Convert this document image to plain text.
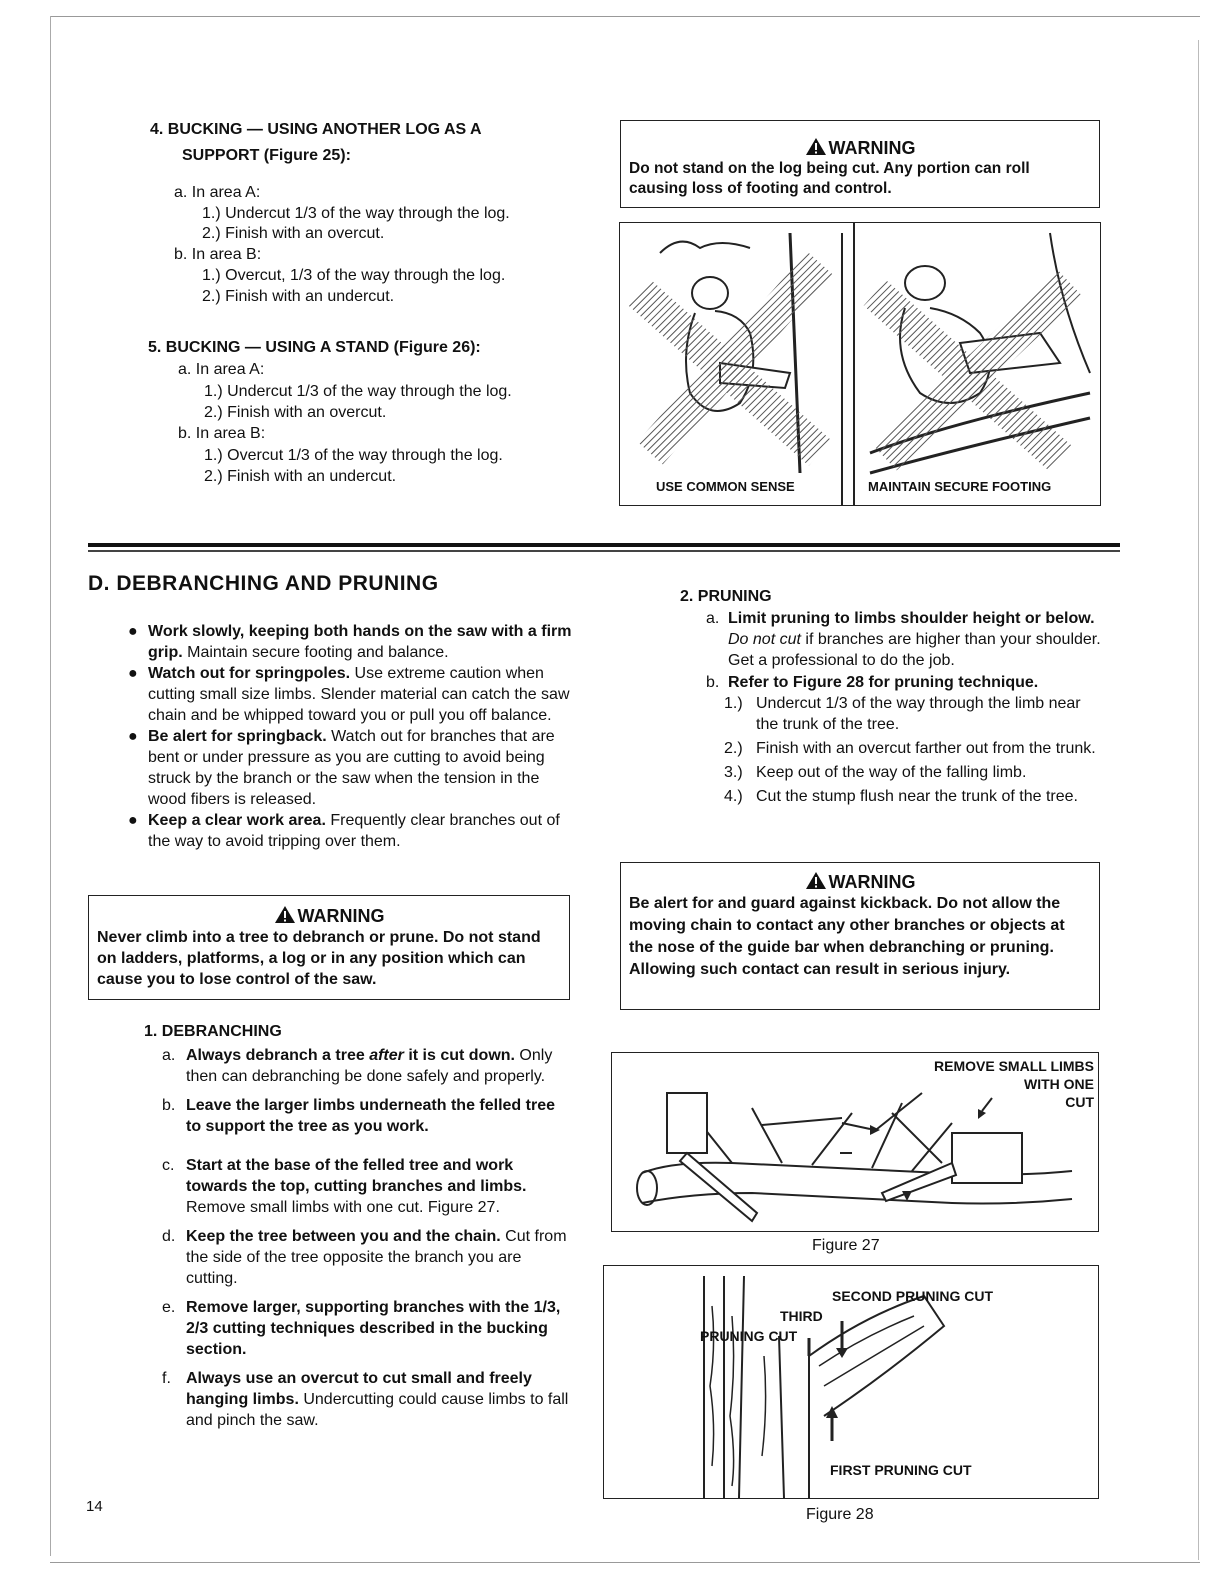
4. BUCKING — USING ANOTHER LOG AS A
SUPPORT (Figure 25):
a. In area A:
1.) Undercut 1/3 of the way through the log.
2.) Finish with an overcut.
b. In area B:
1.) Overcut, 1/3 of the way through the log.
2.) Finish with an undercut.
5. BUCKING — USING A STAND (Figure 26):
a. In area A:
1.) Undercut 1/3 of the way through the log.
2.) Finish with an overcut.
b. In area B:
1.) Overcut 1/3 of the way through the log.
2.) Finish with an undercut.
WARNING
Do not stand on the log being cut. Any portion can roll causing loss of footing and control.
USE COMMON SENSE	MAINTAIN SECURE FOOTING
D. DEBRANCHING AND PRUNING
● Work slowly, keeping both hands on the saw with a firm grip. Maintain secure footing and balance.
● Watch out for springpoles. Use extreme caution when cutting small size limbs. Slender material can catch the saw chain and be whipped toward you or pull you off balance.
● Be alert for springback. Watch out for branches that are bent or under pressure as you are cutting to avoid being struck by the branch or the saw when the tension in the wood fibers is released.
● Keep a clear work area. Frequently clear branches out of the way to avoid tripping over them.
WARNING
Never climb into a tree to debranch or prune. Do not stand on ladders, platforms, a log or in any position which can cause you to lose control of the saw.
1. DEBRANCHING
a. Always debranch a tree after it is cut down. Only then can debranching be done safely and properly.
b. Leave the larger limbs underneath the felled tree to support the tree as you work.
c. Start at the base of the felled tree and work towards the top, cutting branches and limbs. Remove small limbs with one cut. Figure 27.
d. Keep the tree between you and the chain. Cut from the side of the tree opposite the branch you are cutting.
e. Remove larger, supporting branches with the 1/3, 2/3 cutting techniques described in the bucking section.
f. Always use an overcut to cut small and freely hanging limbs. Undercutting could cause limbs to fall and pinch the saw.
2. PRUNING
a. Limit pruning to limbs shoulder height or below. Do not cut if branches are higher than your shoulder. Get a professional to do the job.
b. Refer to Figure 28 for pruning technique.
1.) Undercut 1/3 of the way through the limb near the trunk of the tree.
2.) Finish with an overcut farther out from the trunk.
3.) Keep out of the way of the falling limb.
4.) Cut the stump flush near the trunk of the tree.
WARNING
Be alert for and guard against kickback. Do not allow the moving chain to contact any other branches or objects at the nose of the guide bar when debranching or pruning. Allowing such contact can result in serious injury.
REMOVE SMALL LIMBS
WITH ONE
CUT
Figure 27
SECOND PRUNING CUT
THIRD
PRUNING CUT
FIRST PRUNING CUT
Figure 28
14
